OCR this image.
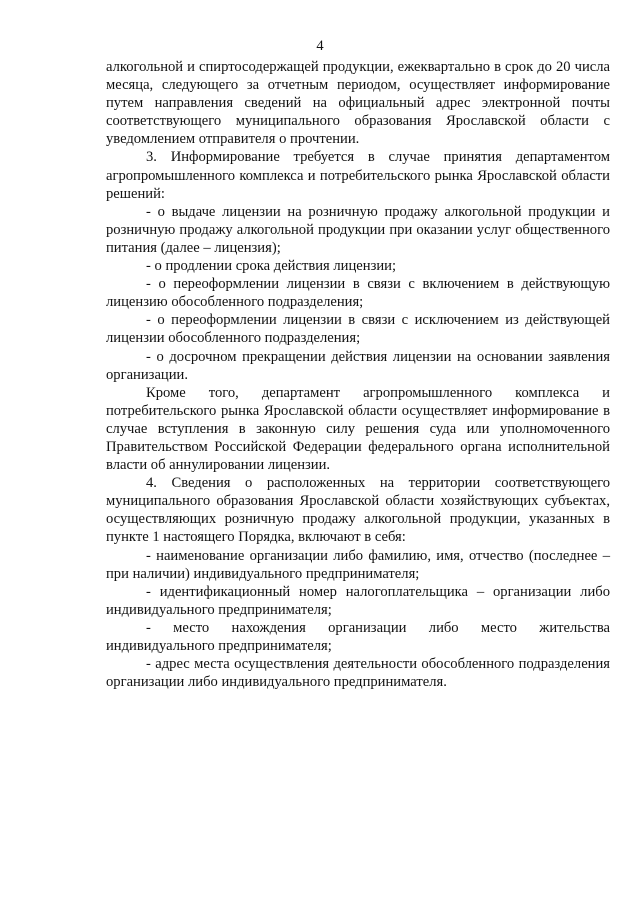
4

алкогольной и спиртосодержащей продукции, ежеквартально в срок до 20 числа месяца, следующего за отчетным периодом, осуществляет информирование путем направления сведений на официальный адрес электронной почты соответствующего муниципального образования Ярославской области с уведомлением отправителя о прочтении.

3. Информирование требуется в случае принятия департаментом агропромышленного комплекса и потребительского рынка Ярославской области решений:

- о выдаче лицензии на розничную продажу алкогольной продукции и розничную продажу алкогольной продукции при оказании услуг общественного питания (далее – лицензия);

- о продлении срока действия лицензии;

- о переоформлении лицензии в связи с включением в действующую лицензию обособленного подразделения;

- о переоформлении лицензии в связи с исключением из действующей лицензии обособленного подразделения;

- о досрочном прекращении действия лицензии на основании заявления организации.

Кроме того, департамент агропромышленного комплекса и потребительского рынка Ярославской области осуществляет информирование в случае вступления в законную силу решения суда или уполномоченного Правительством Российской Федерации федерального органа исполнительной власти об аннулировании лицензии.

4. Сведения о расположенных на территории соответствующего муниципального образования Ярославской области хозяйствующих субъектах, осуществляющих розничную продажу алкогольной продукции, указанных в пункте 1 настоящего Порядка, включают в себя:

- наименование организации либо фамилию, имя, отчество (последнее – при наличии) индивидуального предпринимателя;

- идентификационный номер налогоплательщика – организации либо индивидуального предпринимателя;

- место нахождения организации либо место жительства индивидуального предпринимателя;

- адрес места осуществления деятельности обособленного подразделения организации либо индивидуального предпринимателя.
